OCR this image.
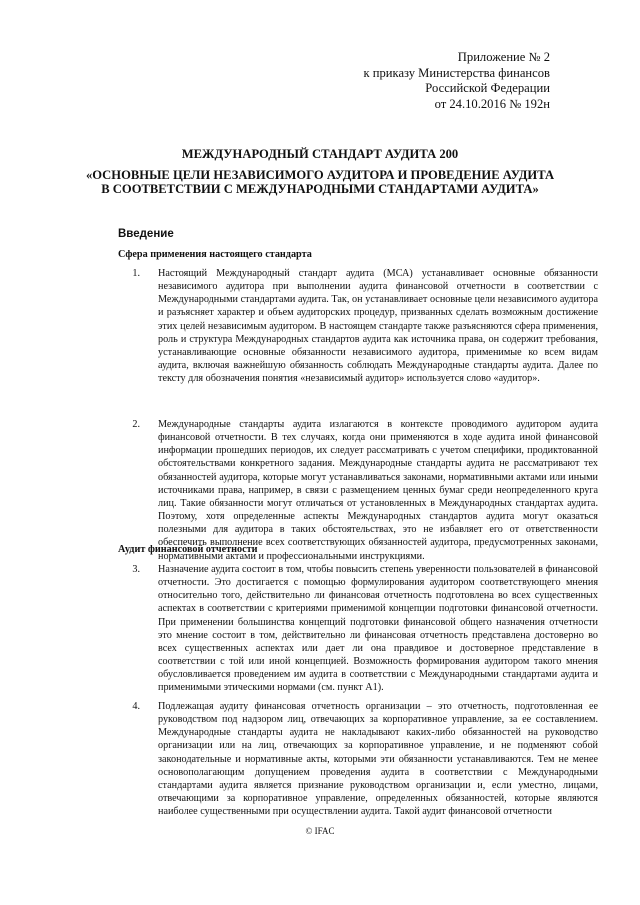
Приложение № 2
к приказу Министерства финансов
Российской Федерации
от 24.10.2016 № 192н
МЕЖДУНАРОДНЫЙ СТАНДАРТ АУДИТА 200
«ОСНОВНЫЕ ЦЕЛИ НЕЗАВИСИМОГО АУДИТОРА И ПРОВЕДЕНИЕ АУДИТА
В СООТВЕТСТВИИ С МЕЖДУНАРОДНЫМИ СТАНДАРТАМИ АУДИТА»
Введение
Сфера применения настоящего стандарта
1. Настоящий Международный стандарт аудита (МСА) устанавливает основные обязанности независимого аудитора при выполнении аудита финансовой отчетности в соответствии с Международными стандартами аудита. Так, он устанавливает основные цели независимого аудитора и разъясняет характер и объем аудиторских процедур, призванных сделать возможным достижение этих целей независимым аудитором. В настоящем стандарте также разъясняются сфера применения, роль и структура Международных стандартов аудита как источника права, он содержит требования, устанавливающие основные обязанности независимого аудитора, применимые ко всем видам аудита, включая важнейшую обязанность соблюдать Международные стандарты аудита. Далее по тексту для обозначения понятия «независимый аудитор» используется слово «аудитор».
2. Международные стандарты аудита излагаются в контексте проводимого аудитором аудита финансовой отчетности. В тех случаях, когда они применяются в ходе аудита иной финансовой информации прошедших периодов, их следует рассматривать с учетом специфики, продиктованной обстоятельствами конкретного задания. Международные стандарты аудита не рассматривают тех обязанностей аудитора, которые могут устанавливаться законами, нормативными актами или иными источниками права, например, в связи с размещением ценных бумаг среди неопределенного круга лиц. Такие обязанности могут отличаться от установленных в Международных стандартах аудита. Поэтому, хотя определенные аспекты Международных стандартов аудита могут оказаться полезными для аудитора в таких обстоятельствах, это не избавляет его от ответственности обеспечить выполнение всех соответствующих обязанностей аудитора, предусмотренных законами, нормативными актами и профессиональными инструкциями.
Аудит финансовой отчетности
3. Назначение аудита состоит в том, чтобы повысить степень уверенности пользователей в финансовой отчетности. Это достигается с помощью формулирования аудитором соответствующего мнения относительно того, действительно ли финансовая отчетность подготовлена во всех существенных аспектах в соответствии с критериями применимой концепции подготовки финансовой отчетности. При применении большинства концепций подготовки финансовой общего назначения отчетности это мнение состоит в том, действительно ли финансовая отчетность представлена достоверно во всех существенных аспектах или дает ли она правдивое и достоверное представление в соответствии с той или иной концепцией. Возможность формирования аудитором такого мнения обусловливается проведением им аудита в соответствии с Международными стандартами аудита и применимыми этическими нормами (см. пункт А1).
4. Подлежащая аудиту финансовая отчетность организации – это отчетность, подготовленная ее руководством под надзором лиц, отвечающих за корпоративное управление, за ее составлением. Международные стандарты аудита не накладывают каких-либо обязанностей на руководство организации или на лиц, отвечающих за корпоративное управление, и не подменяют собой законодательные и нормативные акты, которыми эти обязанности устанавливаются. Тем не менее основополагающим допущением проведения аудита в соответствии с Международными стандартами аудита является признание руководством организации и, если уместно, лицами, отвечающими за корпоративное управление, определенных обязанностей, которые являются наиболее существенными при осуществлении аудита. Такой аудит финансовой отчетности
© IFAC
